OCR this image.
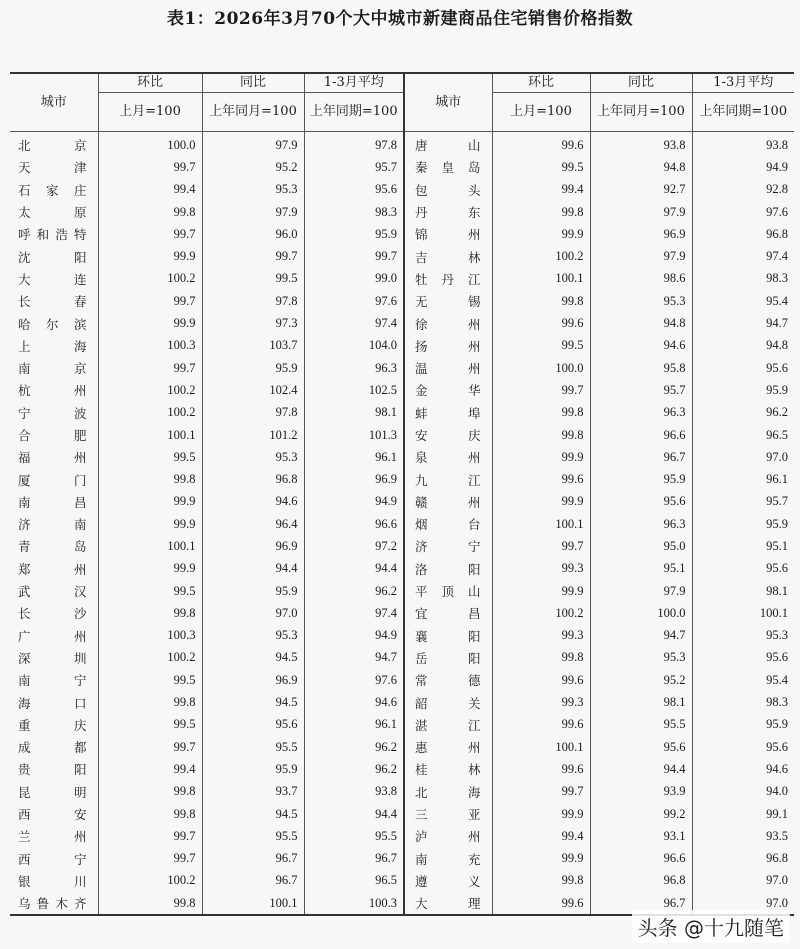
表1：2026年3月70个大中城市新建商品住宅销售价格指数
城市	环比	同比	1-3月平均	城市	环比	同比	1-3月平均
	上月=100	上年同月=100	上年同期=100		上月=100	上年同月=100	上年同期=100
北京	100.0	97.9	97.8	唐山	99.6	93.8	93.8
天津	99.7	95.2	95.7	秦皇岛	99.5	94.8	94.9
石家庄	99.4	95.3	95.6	包头	99.4	92.7	92.8
太原	99.8	97.9	98.3	丹东	99.8	97.9	97.6
呼和浩特	99.7	96.0	95.9	锦州	99.9	96.9	96.8
沈阳	99.9	99.7	99.7	吉林	100.2	97.9	97.4
大连	100.2	99.5	99.0	牡丹江	100.1	98.6	98.3
长春	99.7	97.8	97.6	无锡	99.8	95.3	95.4
哈尔滨	99.9	97.3	97.4	徐州	99.6	94.8	94.7
上海	100.3	103.7	104.0	扬州	99.5	94.6	94.8
南京	99.7	95.9	96.3	温州	100.0	95.8	95.6
杭州	100.2	102.4	102.5	金华	99.7	95.7	95.9
宁波	100.2	97.8	98.1	蚌埠	99.8	96.3	96.2
合肥	100.1	101.2	101.3	安庆	99.8	96.6	96.5
福州	99.5	95.3	96.1	泉州	99.9	96.7	97.0
厦门	99.8	96.8	96.9	九江	99.6	95.9	96.1
南昌	99.9	94.6	94.9	赣州	99.9	95.6	95.7
济南	99.9	96.4	96.6	烟台	100.1	96.3	95.9
青岛	100.1	96.9	97.2	济宁	99.7	95.0	95.1
郑州	99.9	94.4	94.4	洛阳	99.3	95.1	95.6
武汉	99.5	95.9	96.2	平顶山	99.9	97.9	98.1
长沙	99.8	97.0	97.4	宜昌	100.2	100.0	100.1
广州	100.3	95.3	94.9	襄阳	99.3	94.7	95.3
深圳	100.2	94.5	94.7	岳阳	99.8	95.3	95.6
南宁	99.5	96.9	97.6	常德	99.6	95.2	95.4
海口	99.8	94.5	94.6	韶关	99.3	98.1	98.3
重庆	99.5	95.6	96.1	湛江	99.6	95.5	95.9
成都	99.7	95.5	96.2	惠州	100.1	95.6	95.6
贵阳	99.4	95.9	96.2	桂林	99.6	94.4	94.6
昆明	99.8	93.7	93.8	北海	99.7	93.9	94.0
西安	99.8	94.5	94.4	三亚	99.9	99.2	99.1
兰州	99.7	95.5	95.5	泸州	99.4	93.1	93.5
西宁	99.7	96.7	96.7	南充	99.9	96.6	96.8
银川	100.2	96.7	96.5	遵义	99.8	96.8	97.0
乌鲁木齐	99.8	100.1	100.3	大理	99.6	96.7	97.0
头条 @十九随笔
